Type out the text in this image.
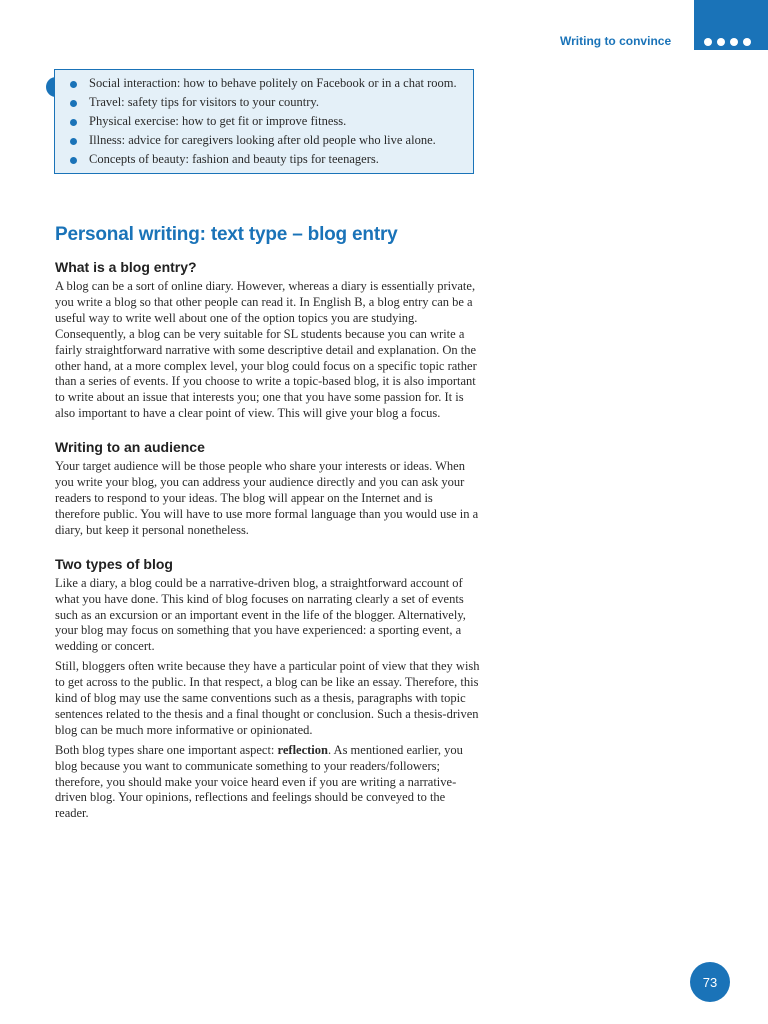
Writing to convince
Social interaction: how to behave politely on Facebook or in a chat room.
Travel: safety tips for visitors to your country.
Physical exercise: how to get fit or improve fitness.
Illness: advice for caregivers looking after old people who live alone.
Concepts of beauty: fashion and beauty tips for teenagers.
Personal writing: text type – blog entry
What is a blog entry?

A blog can be a sort of online diary. However, whereas a diary is essentially private, you write a blog so that other people can read it. In English B, a blog entry can be a useful way to write well about one of the option topics you are studying. Consequently, a blog can be very suitable for SL students because you can write a fairly straightforward narrative with some descriptive detail and explanation. On the other hand, at a more complex level, your blog could focus on a specific topic rather than a series of events. If you choose to write a topic-based blog, it is also important to write about an issue that interests you; one that you have some passion for. It is also important to have a clear point of view. This will give your blog a focus.

Writing to an audience

Your target audience will be those people who share your interests or ideas. When you write your blog, you can address your audience directly and you can ask your readers to respond to your ideas. The blog will appear on the Internet and is therefore public. You will have to use more formal language than you would use in a diary, but keep it personal nonetheless.

Two types of blog

Like a diary, a blog could be a narrative-driven blog, a straightforward account of what you have done. This kind of blog focuses on narrating clearly a set of events such as an excursion or an important event in the life of the blogger. Alternatively, your blog may focus on something that you have experienced: a sporting event, a wedding or concert.

Still, bloggers often write because they have a particular point of view that they wish to get across to the public. In that respect, a blog can be like an essay. Therefore, this kind of blog may use the same conventions such as a thesis, paragraphs with topic sentences related to the thesis and a final thought or conclusion. Such a thesis-driven blog can be much more informative or opinionated.

Both blog types share one important aspect: reflection. As mentioned earlier, you blog because you want to communicate something to your readers/followers; therefore, you should make your voice heard even if you are writing a narrative-driven blog. Your opinions, reflections and feelings should be conveyed to the reader.

73
